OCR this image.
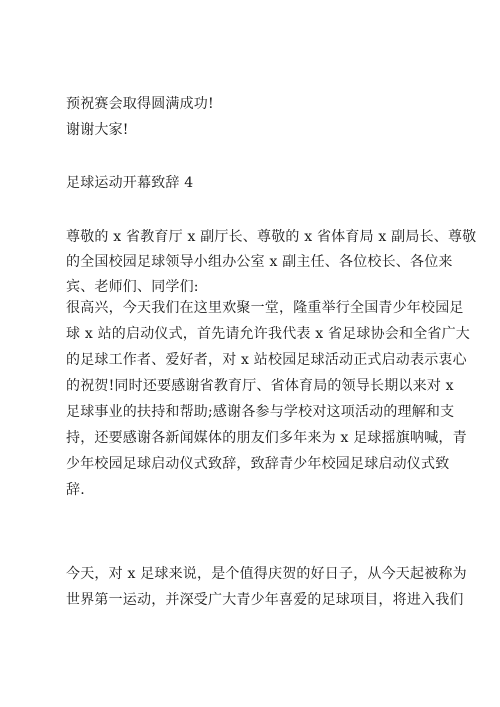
预祝赛会取得圆满成功!

谢谢大家!

足球运动开幕致辞 4

尊敬的 x 省教育厅 x 副厅长、尊敬的 x 省体育局 x 副局长、尊敬
的全国校园足球领导小组办公室 x 副主任、各位校长、各位来
宾、老师们、同学们:

很高兴，今天我们在这里欢聚一堂，隆重举行全国青少年校园足
球 x 站的启动仪式，首先请允许我代表 x 省足球协会和全省广大
的足球工作者、爱好者，对 x 站校园足球活动正式启动表示衷心
的祝贺!同时还要感谢省教育厅、省体育局的领导长期以来对 x
足球事业的扶持和帮助;感谢各参与学校对这项活动的理解和支
持，还要感谢各新闻媒体的朋友们多年来为 x 足球摇旗呐喊，青
少年校园足球启动仪式致辞，致辞青少年校园足球启动仪式致
辞.

今天，对 x 足球来说，是个值得庆贺的好日子，从今天起被称为
世界第一运动，并深受广大青少年喜爱的足球项目，将进入我们
